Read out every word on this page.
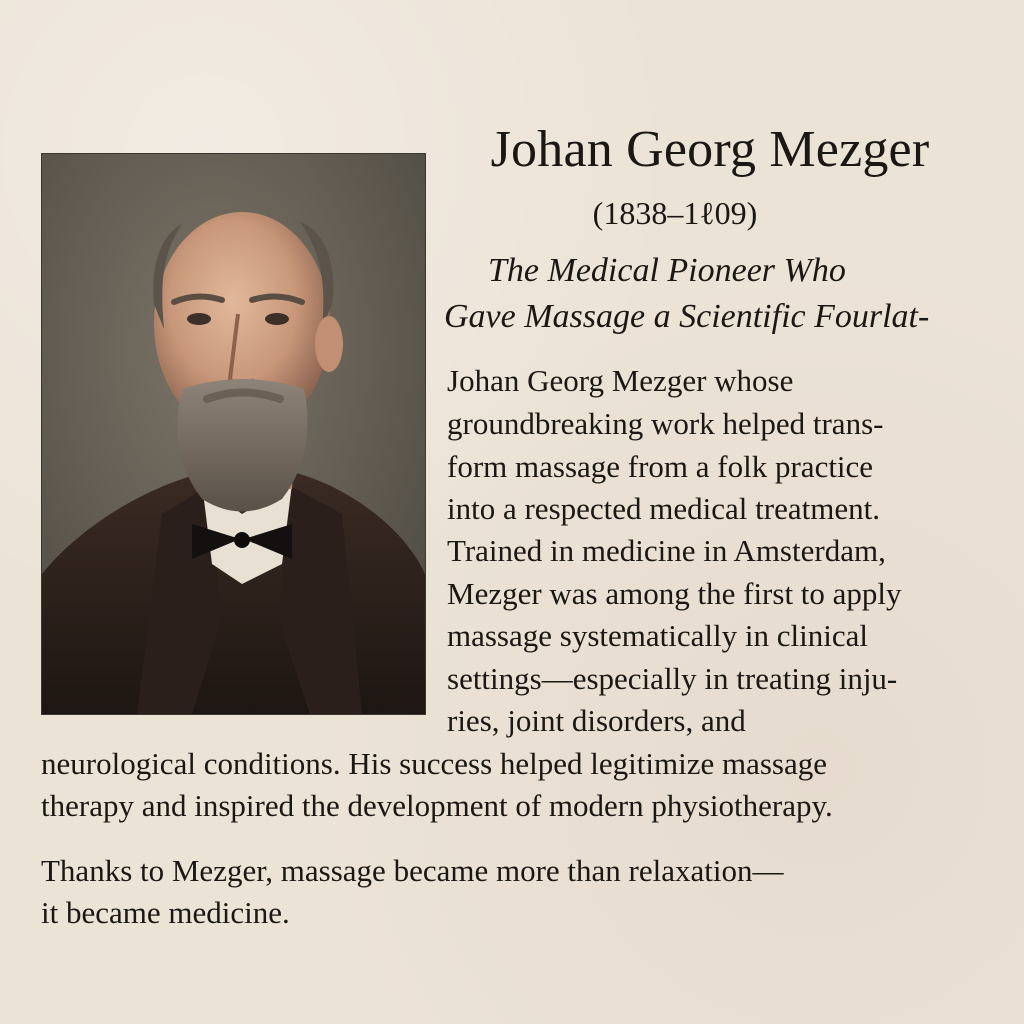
Johan Georg Mezger
(1838–1ℓ09)
The Medical Pioneer Who
Gave Massage a Scientific Fourlat-
Johan Georg Mezger whose
groundbreaking work helped trans-
form massage from a folk practice
into a respected medical treatment.
Trained in medicine in Amsterdam,
Mezger was among the first to apply
massage systematically in clinical
settings—especially in treating inju-
ries, joint disorders, and
neurological conditions. His success helped legitimize massage
therapy and inspired the development of modern physiotherapy.
Thanks to Mezger, massage became more than relaxation—
it became medicine.
